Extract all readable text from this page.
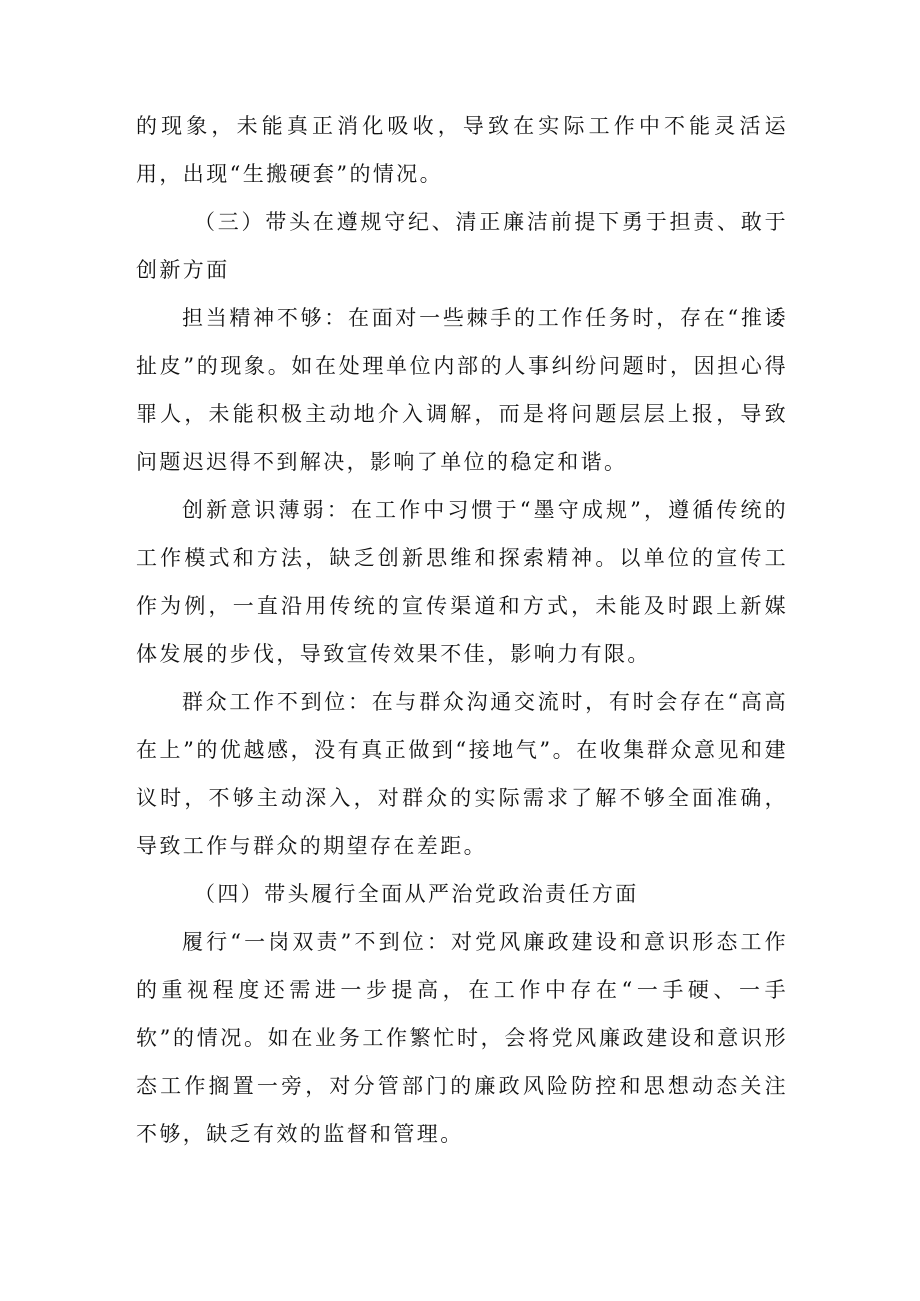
的现象，未能真正消化吸收，导致在实际工作中不能灵活运用，出现“生搬硬套”的情况。

（三）带头在遵规守纪、清正廉洁前提下勇于担责、敢于创新方面

担当精神不够：在面对一些棘手的工作任务时，存在“推诿扯皮”的现象。如在处理单位内部的人事纠纷问题时，因担心得罪人，未能积极主动地介入调解，而是将问题层层上报，导致问题迟迟得不到解决，影响了单位的稳定和谐。

创新意识薄弱：在工作中习惯于“墨守成规”，遵循传统的工作模式和方法，缺乏创新思维和探索精神。以单位的宣传工作为例，一直沿用传统的宣传渠道和方式，未能及时跟上新媒体发展的步伐，导致宣传效果不佳，影响力有限。

群众工作不到位：在与群众沟通交流时，有时会存在“高高在上”的优越感，没有真正做到“接地气”。在收集群众意见和建议时，不够主动深入，对群众的实际需求了解不够全面准确，导致工作与群众的期望存在差距。

（四）带头履行全面从严治党政治责任方面

履行“一岗双责”不到位：对党风廉政建设和意识形态工作的重视程度还需进一步提高，在工作中存在“一手硬、一手软”的情况。如在业务工作繁忙时，会将党风廉政建设和意识形态工作搁置一旁，对分管部门的廉政风险防控和思想动态关注不够，缺乏有效的监督和管理。
